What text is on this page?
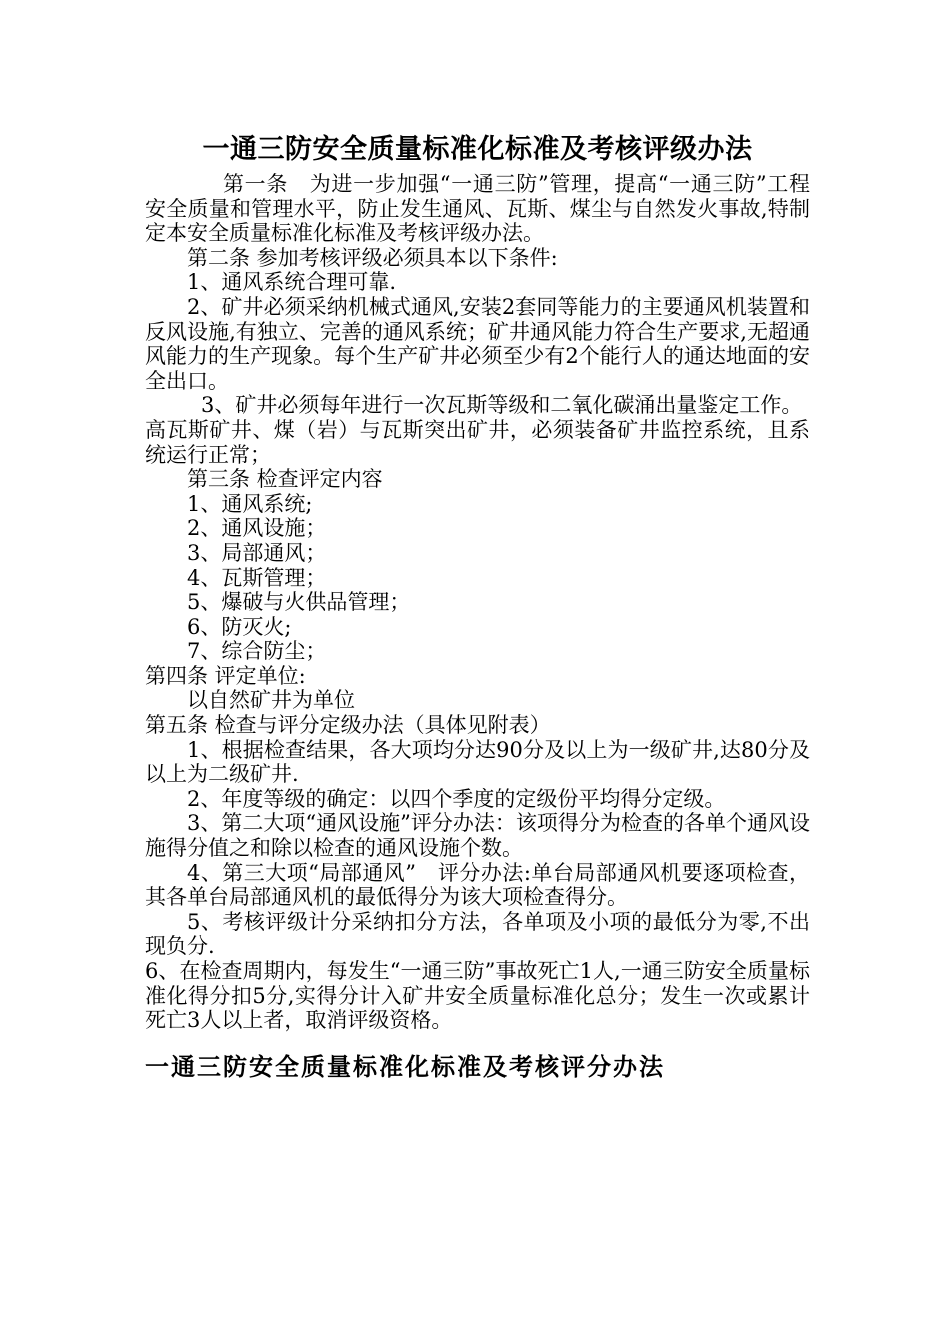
一通三防安全质量标准化标准及考核评级办法

第一条　为进一步加强“一通三防”管理，提高“一通三防”工程安全质量和管理水平，防止发生通风、瓦斯、煤尘与自然发火事故,特制定本安全质量标准化标准及考核评级办法。

第二条 参加考核评级必须具本以下条件:

1、通风系统合理可靠.

2、矿井必须采纳机械式通风,安装2套同等能力的主要通风机装置和反风设施,有独立、完善的通风系统；矿井通风能力符合生产要求,无超通风能力的生产现象。每个生产矿井必须至少有2个能行人的通达地面的安全出口。

3、矿井必须每年进行一次瓦斯等级和二氧化碳涌出量鉴定工作。

高瓦斯矿井、煤（岩）与瓦斯突出矿井，必须装备矿井监控系统，且系统运行正常；

第三条 检查评定内容

1、通风系统;

2、通风设施；

3、局部通风；

4、瓦斯管理；

5、爆破与火供品管理；

6、防灭火;

7、综合防尘；

第四条 评定单位:

以自然矿井为单位

第五条 检查与评分定级办法（具体见附表）

1、根据检查结果，各大项均分达90分及以上为一级矿井,达80分及以上为二级矿井.

2、年度等级的确定：以四个季度的定级份平均得分定级。

3、第二大项“通风设施”评分办法：该项得分为检查的各单个通风设施得分值之和除以检查的通风设施个数。

4、第三大项“局部通风”　评分办法:单台局部通风机要逐项检查，其各单台局部通风机的最低得分为该大项检查得分。

5、考核评级计分采纳扣分方法，各单项及小项的最低分为零,不出现负分.

6、在检查周期内，每发生“一通三防”事故死亡1人,一通三防安全质量标准化得分扣5分,实得分计入矿井安全质量标准化总分；发生一次或累计死亡3人以上者，取消评级资格。

一通三防安全质量标准化标准及考核评分办法
